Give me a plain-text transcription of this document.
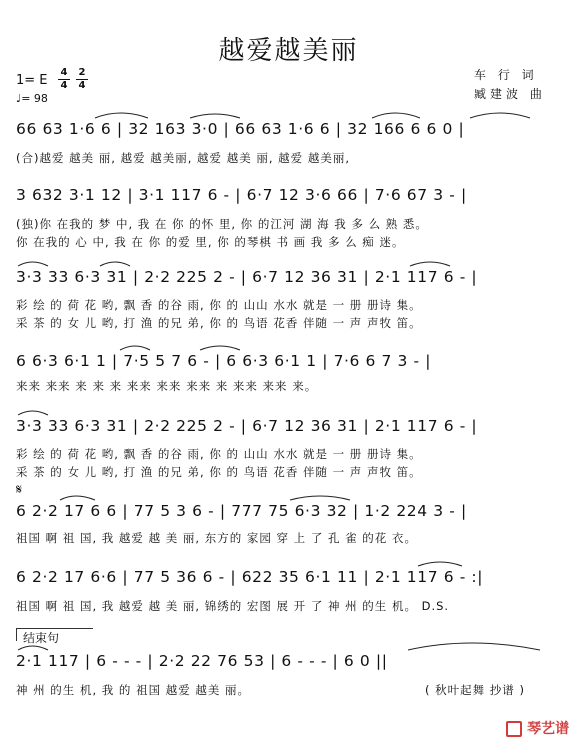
越爱越美丽
车 行 词
臧建波 曲
1= E
4
4
2
4
♩= 98
66 63 1·6 6 | 32 163 3·0 | 66 63 1·6 6 | 32 166 6 6 0 |
(合)越爱 越美 丽, 越爱 越美丽, 越爱 越美 丽, 越爱 越美丽,
3 632 3·1 12 | 3·1 117 6 - | 6·7 12 3·6 66 | 7·6 67 3 - |
(独)你 在我的 梦 中, 我 在 你 的怀 里, 你 的江河 湖 海 我 多 么 熟 悉。
你 在我的 心 中, 我 在 你 的爱 里, 你 的琴棋 书 画 我 多 么 痴 迷。
3·3 33 6·3 31 | 2·2 225 2 - | 6·7 12 36 31 | 2·1 117 6 - |
彩 绘 的 荷 花 哟, 飘 香 的谷 雨, 你 的 山山 水水 就是 一 册 册诗 集。
采 茶 的 女 儿 哟, 打 渔 的兄 弟, 你 的 鸟语 花香 伴随 一 声 声牧 笛。
6 6·3 6·1 1 | 7·5 5 7 6 - | 6 6·3 6·1 1 | 7·6 6 7 3 - |
来来 来来 来 来 来 来来 来来 来来 来 来来 来来 来。
3·3 33 6·3 31 | 2·2 225 2 - | 6·7 12 36 31 | 2·1 117 6 - |
彩 绘 的 荷 花 哟, 飘 香 的谷 雨, 你 的 山山 水水 就是 一 册 册诗 集。
采 茶 的 女 儿 哟, 打 渔 的兄 弟, 你 的 鸟语 花香 伴随 一 声 声牧 笛。
𝄋
6 2·2 17 6 6 | 77 5 3 6 - | 777 75 6·3 32 | 1·2 224 3 - |
祖国 啊 祖 国, 我 越爱 越 美 丽, 东方的 家园 穿 上 了 孔 雀 的花 衣。
6 2·2 17 6·6 | 77 5 36 6 - | 622 35 6·1 11 | 2·1 117 6 - :|
祖国 啊 祖 国, 我 越爱 越 美 丽, 锦绣的 宏图 展 开 了 神 州 的生 机。 D.S.
结束句
2·1 117 | 6 - - - | 2·2 22 76 53 | 6 - - - | 6 0 ||
神 州 的生 机, 我 的 祖国 越爱 越美 丽。	( 秋叶起舞 抄谱 )
琴艺谱
